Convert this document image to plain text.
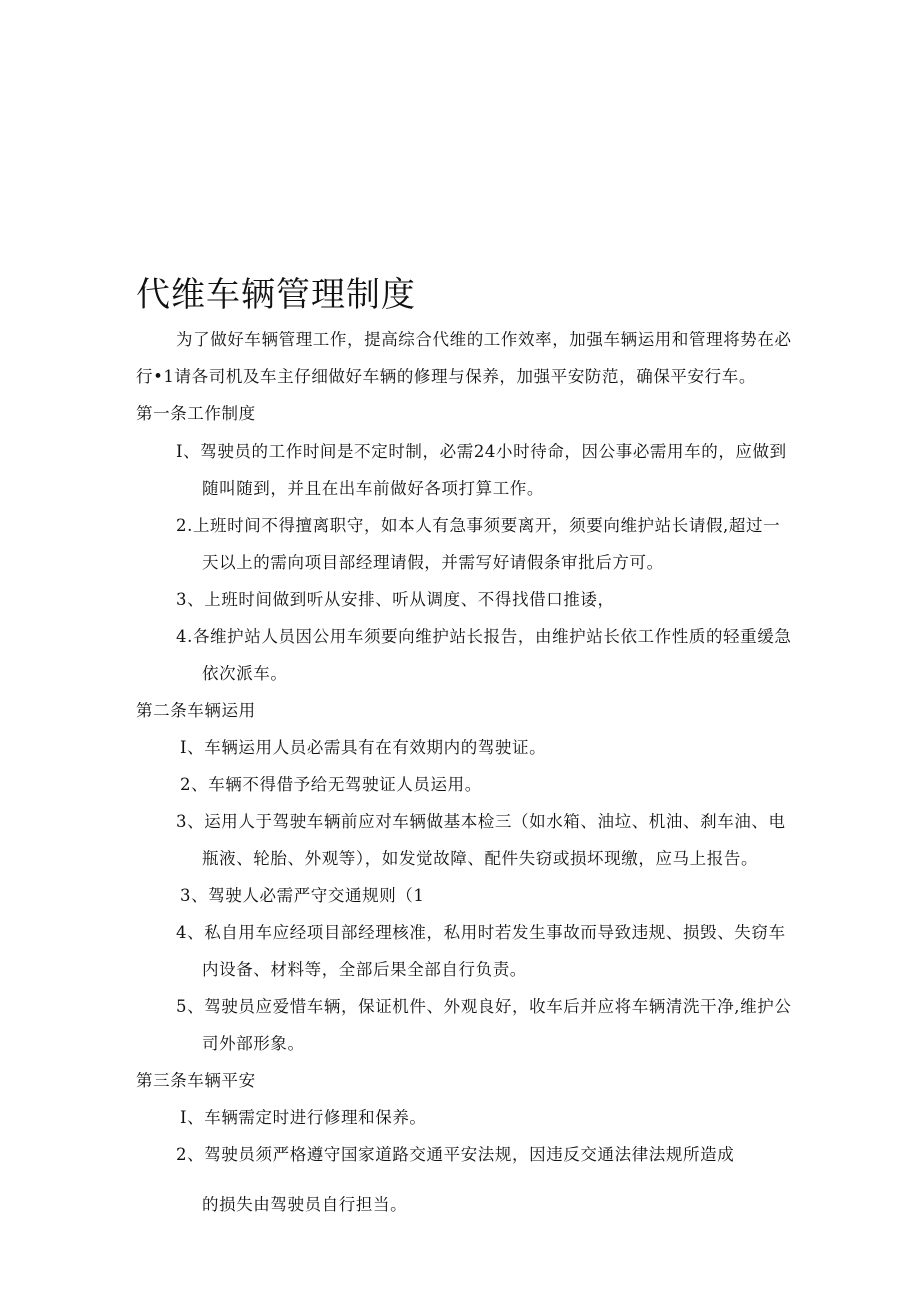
代维车辆管理制度
为了做好车辆管理工作，提高综合代维的工作效率，加强车辆运用和管理将势在必
行•1请各司机及车主仔细做好车辆的修理与保养，加强平安防范，确保平安行车。
第一条工作制度
I、驾驶员的工作时间是不定时制，必需24小时待命，因公事必需用车的，应做到
随叫随到，并且在出车前做好各项打算工作。
2.上班时间不得擅离职守，如本人有急事须要离开，须要向维护站长请假,超过一
天以上的需向项目部经理请假，并需写好请假条审批后方可。
3、上班时间做到听从安排、听从调度、不得找借口推诿，
4.各维护站人员因公用车须要向维护站长报告，由维护站长依工作性质的轻重缓急
依次派车。
第二条车辆运用
I、车辆运用人员必需具有在有效期内的驾驶证。
2、车辆不得借予给无驾驶证人员运用。
3、运用人于驾驶车辆前应对车辆做基本检三（如水箱、油垃、机油、刹车油、电
瓶液、轮胎、外观等），如发觉故障、配件失窃或损坏现缴，应马上报告。
3、驾驶人必需严守交通规则（1
4、私自用车应经项目部经理核准，私用时若发生事故而导致违规、损毁、失窃车
内设备、材料等，全部后果全部自行负责。
5、驾驶员应爱惜车辆，保证机件、外观良好，收车后并应将车辆清洗干净,维护公
司外部形象。
第三条车辆平安
I、车辆需定时进行修理和保养。
2、驾驶员须严格遵守国家道路交通平安法规，因违反交通法律法规所造成
的损失由驾驶员自行担当。
